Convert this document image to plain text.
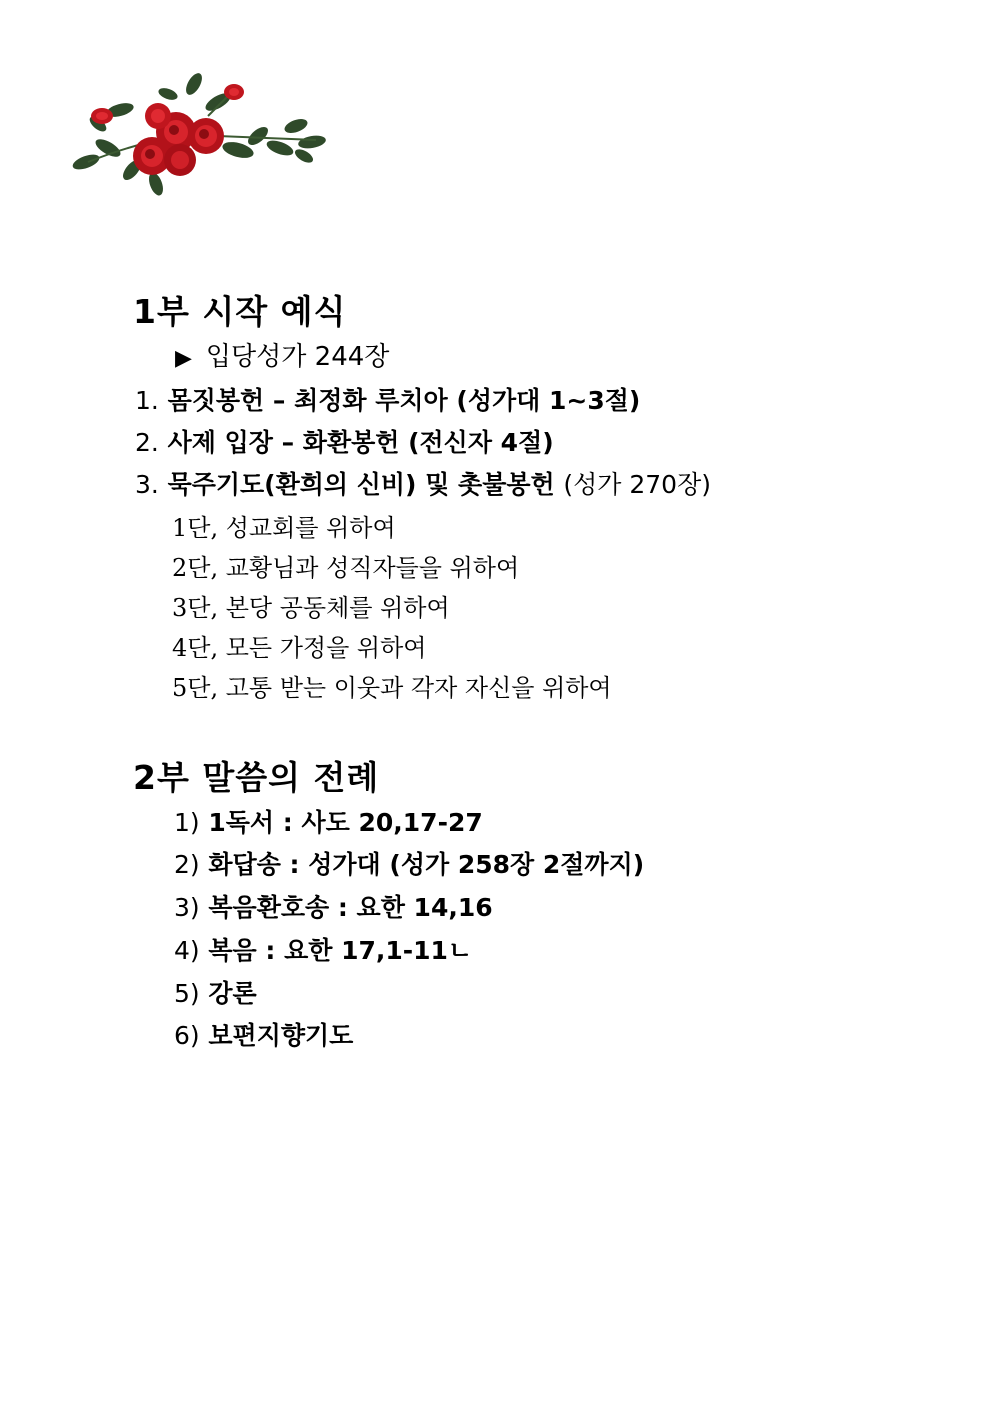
1부 시작 예식
▶ 입당성가 244장
1. 몸짓봉헌 – 최정화 루치아 (성가대 1~3절)
2. 사제 입장 – 화환봉헌 (전신자 4절)
3. 묵주기도(환희의 신비) 및 촛불봉헌 (성가 270장)
1단, 성교회를 위하여
2단, 교황님과 성직자들을 위하여
3단, 본당 공동체를 위하여
4단, 모든 가정을 위하여
5단, 고통 받는 이웃과 각자 자신을 위하여
2부 말씀의 전례
1) 1독서 : 사도 20,17-27
2) 화답송 : 성가대 (성가 258장 2절까지)
3) 복음환호송 : 요한 14,16
4) 복음 : 요한 17,1-11ㄴ
5) 강론
6) 보편지향기도
